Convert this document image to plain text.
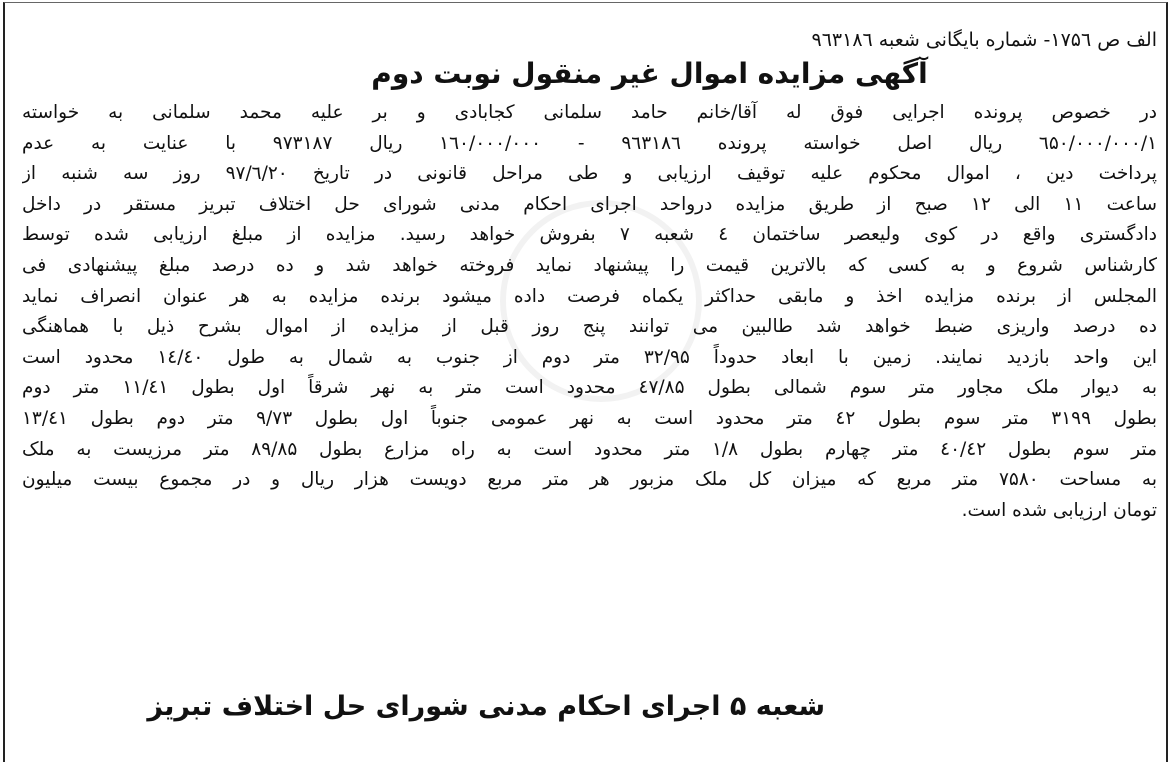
الف ص ۱۷۵٦- شماره بایگانی شعبه ۹٦۳۱۸٦
آگهی مزایده اموال غیر منقول نوبت دوم
در خصوص پرونده اجرایی فوق له آقا/خانم حامد سلمانی کجابادی و بر علیه محمد سلمانی به خواسته
۱/٦۵۰/۰۰۰/۰۰۰ ریال اصل خواسته پرونده ۹٦۳۱۸٦ - ۱٦۰/۰۰۰/۰۰۰ ریال ۹۷۳۱۸۷ با عنایت به عدم
پرداخت دین ، اموال محکوم علیه توقیف ارزیابی و طی مراحل قانونی در تاریخ ۹۷/٦/۲۰ روز سه شنبه از
ساعت ۱۱ الی ۱۲ صبح از طریق مزایده درواحد اجرای احکام مدنی شورای حل اختلاف تبریز مستقر در داخل
دادگستری واقع در کوی ولیعصر ساختمان ٤ شعبه ۷ بفروش خواهد رسید. مزایده از مبلغ ارزیابی شده توسط
کارشناس شروع و به کسی که بالاترین قیمت را پیشنهاد نماید فروخته خواهد شد و ده درصد مبلغ پیشنهادی فی
المجلس از برنده مزایده اخذ و مابقی حداکثر یکماه فرصت داده میشود برنده مزایده به هر عنوان انصراف نماید
ده درصد واریزی ضبط خواهد شد طالبین می توانند پنج روز قبل از مزایده از اموال بشرح ذیل با هماهنگی
این واحد بازدید نمایند. زمین با ابعاد حدوداً ۳۲/۹۵ متر دوم از جنوب به شمال به طول ۱٤/٤۰ محدود است
به دیوار ملک مجاور متر سوم شمالی بطول ٤۷/۸۵ محدود است متر به نهر شرقاً اول بطول ۱۱/٤۱ متر دوم
بطول ۳۱۹۹ متر سوم بطول ٤۲ متر محدود است به نهر عمومی جنوباً اول بطول ۹/۷۳ متر دوم بطول ۱۳/٤۱
متر سوم بطول ٤۰/٤۲ متر چهارم بطول ۱/۸ متر محدود است به راه مزارع بطول ۸۹/۸۵ متر مرزیست به ملک
به مساحت ۷۵۸۰ متر مربع که میزان کل ملک مزبور هر متر مربع دویست هزار ریال و در مجموع بیست میلیون
تومان ارزیابی شده است.
شعبه ۵ اجرای احکام مدنی شورای حل اختلاف تبریز
